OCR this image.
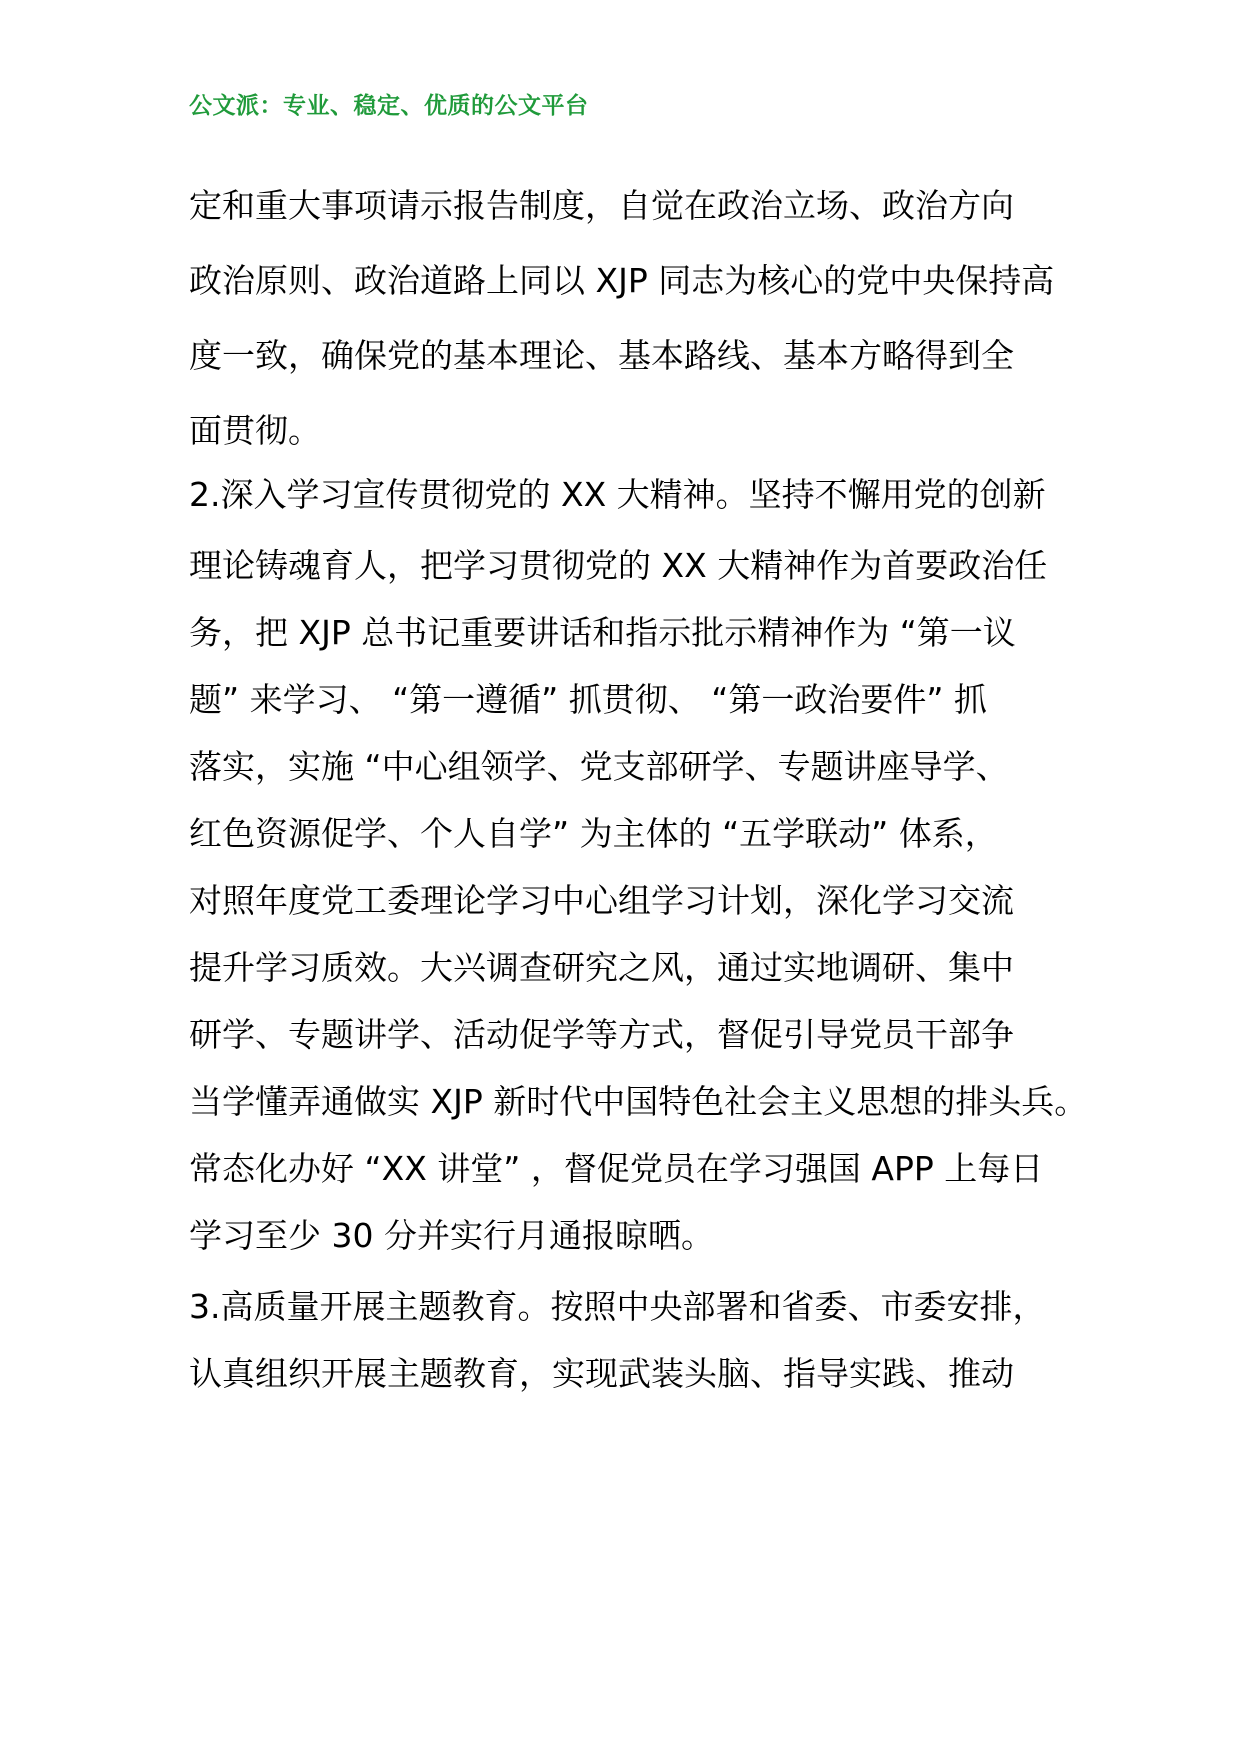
公文派：专业、稳定、优质的公文平台
定和重大事项请示报告制度，自觉在政治立场、政治方向
政治原则、政治道路上同以 XJP 同志为核心的党中央保持高
度一致，确保党的基本理论、基本路线、基本方略得到全
面贯彻。
2.深入学习宣传贯彻党的 XX 大精神。坚持不懈用党的创新
理论铸魂育人，把学习贯彻党的 XX 大精神作为首要政治任
务，把 XJP 总书记重要讲话和指示批示精神作为 “第一议
题” 来学习、 “第一遵循” 抓贯彻、 “第一政治要件” 抓
落实，实施 “中心组领学、党支部研学、专题讲座导学、
红色资源促学、个人自学” 为主体的 “五学联动” 体系，
对照年度党工委理论学习中心组学习计划，深化学习交流
提升学习质效。大兴调查研究之风，通过实地调研、集中
研学、专题讲学、活动促学等方式，督促引导党员干部争
当学懂弄通做实 XJP 新时代中国特色社会主义思想的排头兵。
常态化办好 “XX 讲堂” ，督促党员在学习强国 APP 上每日
学习至少 30 分并实行月通报晾晒。
3.高质量开展主题教育。按照中央部署和省委、市委安排，
认真组织开展主题教育，实现武装头脑、指导实践、推动
